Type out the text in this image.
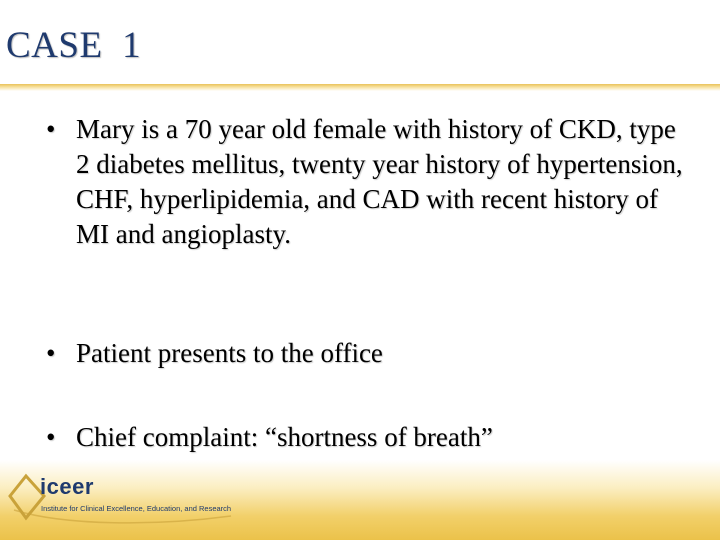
CASE  1
• Mary is a 70 year old female with history of CKD, type 2 diabetes mellitus, twenty year history of hypertension, CHF, hyperlipidemia, and CAD with recent history of MI and angioplasty.
• Patient presents to the office
• Chief complaint: “shortness of breath”
iceer
Institute for Clinical Excellence, Education, and Research
